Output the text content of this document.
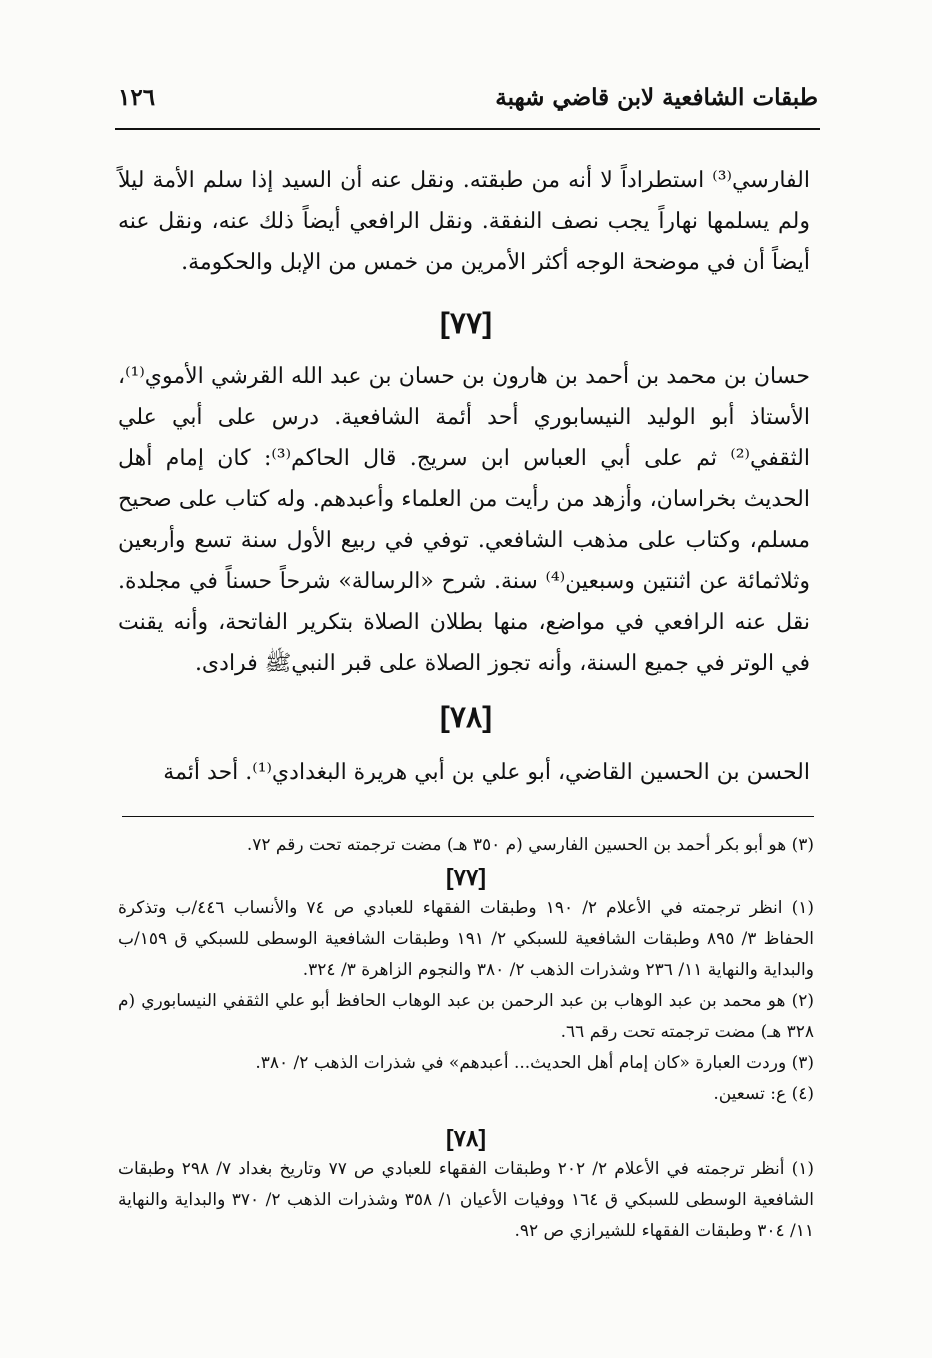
طبقات الشافعية لابن قاضي شهبة
١٢٦

الفارسي⁽³⁾ استطراداً لا أنه من طبقته. ونقل عنه أن السيد إذا سلم الأمة ليلاً ولم يسلمها نهاراً يجب نصف النفقة. ونقل الرافعي أيضاً ذلك عنه، ونقل عنه أيضاً أن في موضحة الوجه أكثر الأمرين من خمس من الإبل والحكومة.

[٧٧]

حسان بن محمد بن أحمد بن هارون بن حسان بن عبد الله القرشي الأموي⁽¹⁾، الأستاذ أبو الوليد النيسابوري أحد أئمة الشافعية. درس على أبي علي الثقفي⁽²⁾ ثم على أبي العباس ابن سريج. قال الحاكم⁽³⁾: كان إمام أهل الحديث بخراسان، وأزهد من رأيت من العلماء وأعبدهم. وله كتاب على صحيح مسلم، وكتاب على مذهب الشافعي. توفي في ربيع الأول سنة تسع وأربعين وثلاثمائة عن اثنتين وسبعين⁽⁴⁾ سنة. شرح «الرسالة» شرحاً حسناً في مجلدة. نقل عنه الرافعي في مواضع، منها بطلان الصلاة بتكرير الفاتحة، وأنه يقنت في الوتر في جميع السنة، وأنه تجوز الصلاة على قبر النبيﷺ فرادى.

[٧٨]

الحسن بن الحسين القاضي، أبو علي بن أبي هريرة البغدادي⁽¹⁾. أحد أئمة

(٣) هو أبو بكر أحمد بن الحسين الفارسي (م ٣٥٠ هـ) مضت ترجمته تحت رقم ٧٢.

[٧٧]

(١) انظر ترجمته في الأعلام ٢/ ١٩٠ وطبقات الفقهاء للعبادي ص ٧٤ والأنساب ٤٤٦/ب وتذكرة الحفاظ ٣/ ٨٩٥ وطبقات الشافعية للسبكي ٢/ ١٩١ وطبقات الشافعية الوسطى للسبكي ق ١٥٩/ب والبداية والنهاية ١١/ ٢٣٦ وشذرات الذهب ٢/ ٣٨٠ والنجوم الزاهرة ٣/ ٣٢٤.

(٢) هو محمد بن عبد الوهاب بن عبد الرحمن بن عبد الوهاب الحافظ أبو علي الثقفي النيسابوري (م ٣٢٨ هـ) مضت ترجمته تحت رقم ٦٦.

(٣) وردت العبارة «كان إمام أهل الحديث... أعبدهم» في شذرات الذهب ٢/ ٣٨٠.

(٤) ع: تسعين.

[٧٨]

(١) أنظر ترجمته في الأعلام ٢/ ٢٠٢ وطبقات الفقهاء للعبادي ص ٧٧ وتاريخ بغداد ٧/ ٢٩٨ وطبقات الشافعية الوسطى للسبكي ق ١٦٤ ووفيات الأعيان ١/ ٣٥٨ وشذرات الذهب ٢/ ٣٧٠ والبداية والنهاية ١١/ ٣٠٤ وطبقات الفقهاء للشيرازي ص ٩٢.
